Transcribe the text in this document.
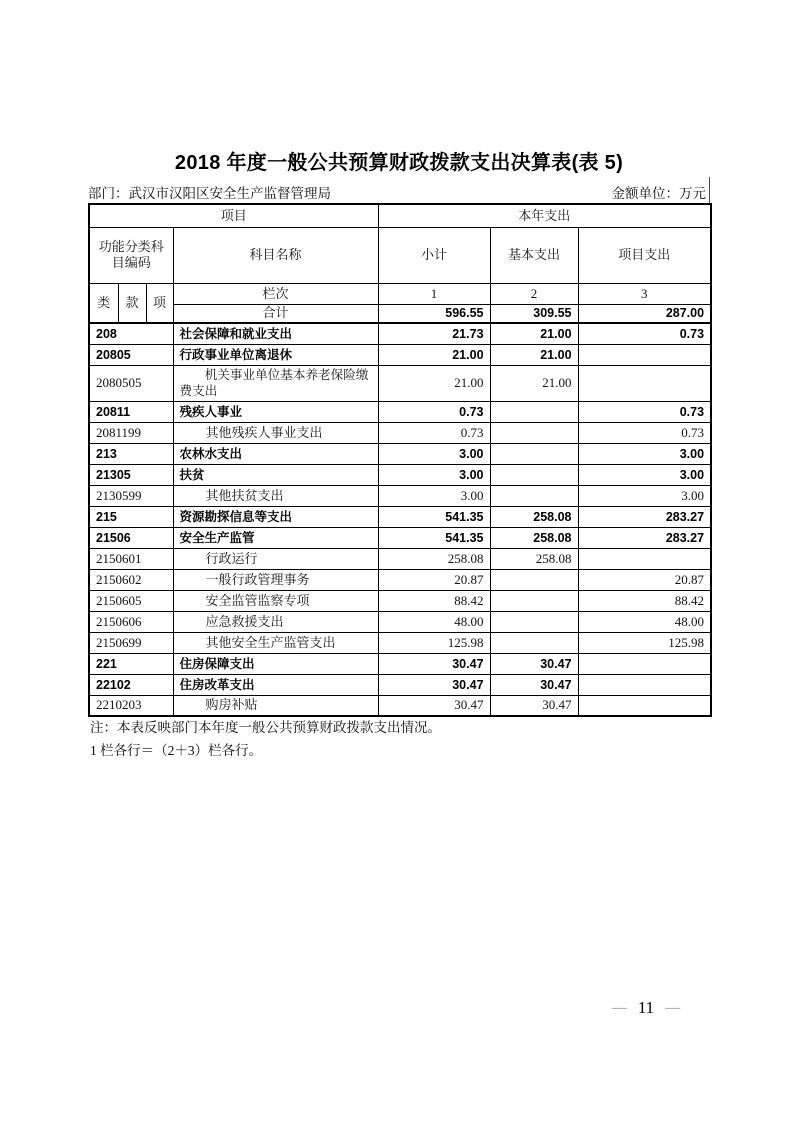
2018 年度一般公共预算财政拨款支出决算表(表 5)
部门：武汉市汉阳区安全生产监督管理局	金额单位：万元
项目				本年支出		
功能分类科目编码			科目名称	小计	基本支出	项目支出
类	款	项	栏次	1	2	3
			合计	596.55	309.55	287.00
208			社会保障和就业支出	21.73	21.00	0.73
20805			行政事业单位离退休	21.00	21.00	
2080505			机关事业单位基本养老保险缴费支出	21.00	21.00	
20811			残疾人事业	0.73		0.73
2081199			其他残疾人事业支出	0.73		0.73
213			农林水支出	3.00		3.00
21305			扶贫	3.00		3.00
2130599			其他扶贫支出	3.00		3.00
215			资源勘探信息等支出	541.35	258.08	283.27
21506			安全生产监管	541.35	258.08	283.27
2150601			行政运行	258.08	258.08	
2150602			一般行政管理事务	20.87		20.87
2150605			安全监管监察专项	88.42		88.42
2150606			应急救援支出	48.00		48.00
2150699			其他安全生产监管支出	125.98		125.98
221			住房保障支出	30.47	30.47	
22102			住房改革支出	30.47	30.47	
2210203			购房补贴	30.47	30.47	
注：本表反映部门本年度一般公共预算财政拨款支出情况。
1 栏各行＝（2＋3）栏各行。
— 11 —
